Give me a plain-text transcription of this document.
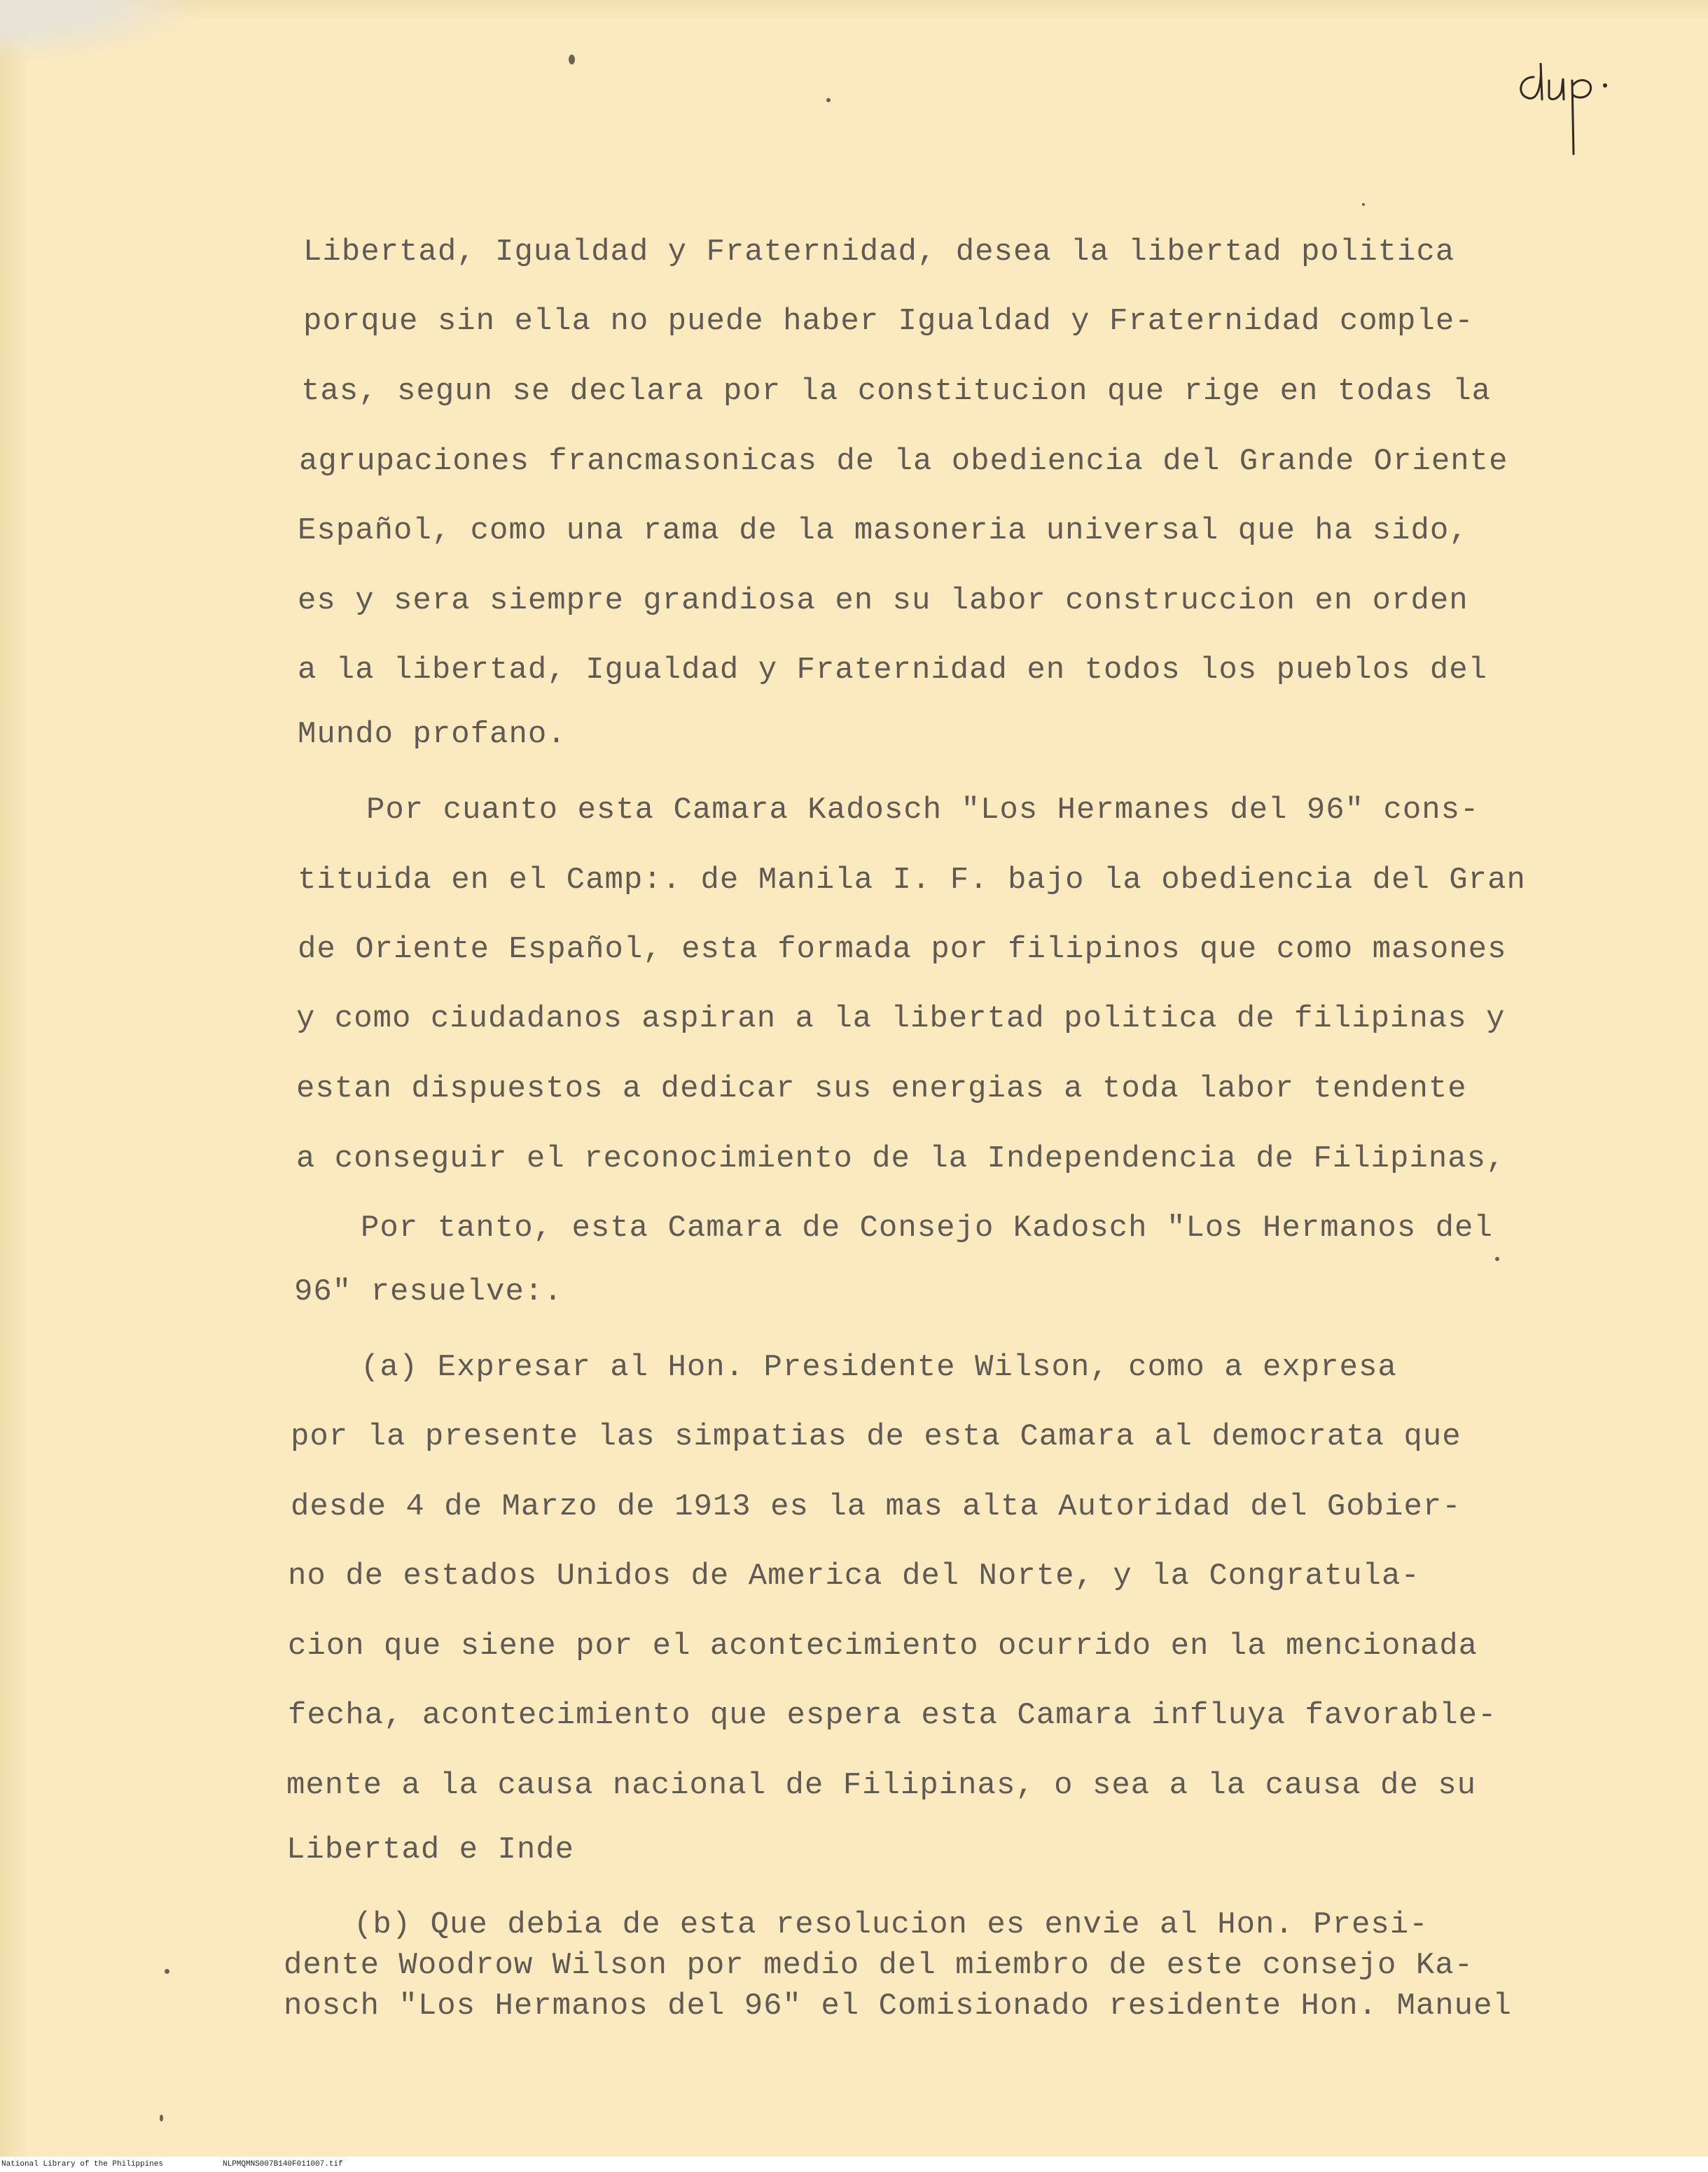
Libertad, Igualdad y Fraternidad, desea la libertad politica

porque sin ella no puede haber Igualdad y Fraternidad comple-

tas, segun se declara por la constitucion que rige en todas la

agrupaciones francmasonicas de la obediencia del Grande Oriente

Español, como una rama de la masoneria universal que ha sido,

es y sera siempre grandiosa en su labor construccion en orden

a la libertad, Igualdad y Fraternidad en todos los pueblos del

Mundo profano.

Por cuanto esta Camara Kadosch "Los Hermanes del 96" cons-

tituida en el Camp:. de Manila I. F. bajo la obediencia del Gran

de Oriente Español, esta formada por filipinos que como masones

y como ciudadanos aspiran a la libertad politica de filipinas y

estan dispuestos a dedicar sus energias a toda labor tendente

a conseguir el reconocimiento de la Independencia de Filipinas,

Por tanto, esta Camara de Consejo Kadosch "Los Hermanos del

96" resuelve:.

(a) Expresar al Hon. Presidente Wilson, como a expresa

por la presente las simpatias de esta Camara al democrata que

desde 4 de Marzo de 1913 es la mas alta Autoridad del Gobier-

no de estados Unidos de America del Norte, y la Congratula-

cion que siene por el acontecimiento ocurrido en la mencionada

fecha, acontecimiento que espera esta Camara influya favorable-

mente a la causa nacional de Filipinas, o sea a la causa de su

Libertad e Inde

(b) Que debia de esta resolucion es envie al Hon. Presi-

dente Woodrow Wilson por medio del miembro de este consejo Ka-

nosch "Los Hermanos del 96" el Comisionado residente Hon. Manuel

National Library of the Philippines	NLPMQMNS007B140F011007.tif
